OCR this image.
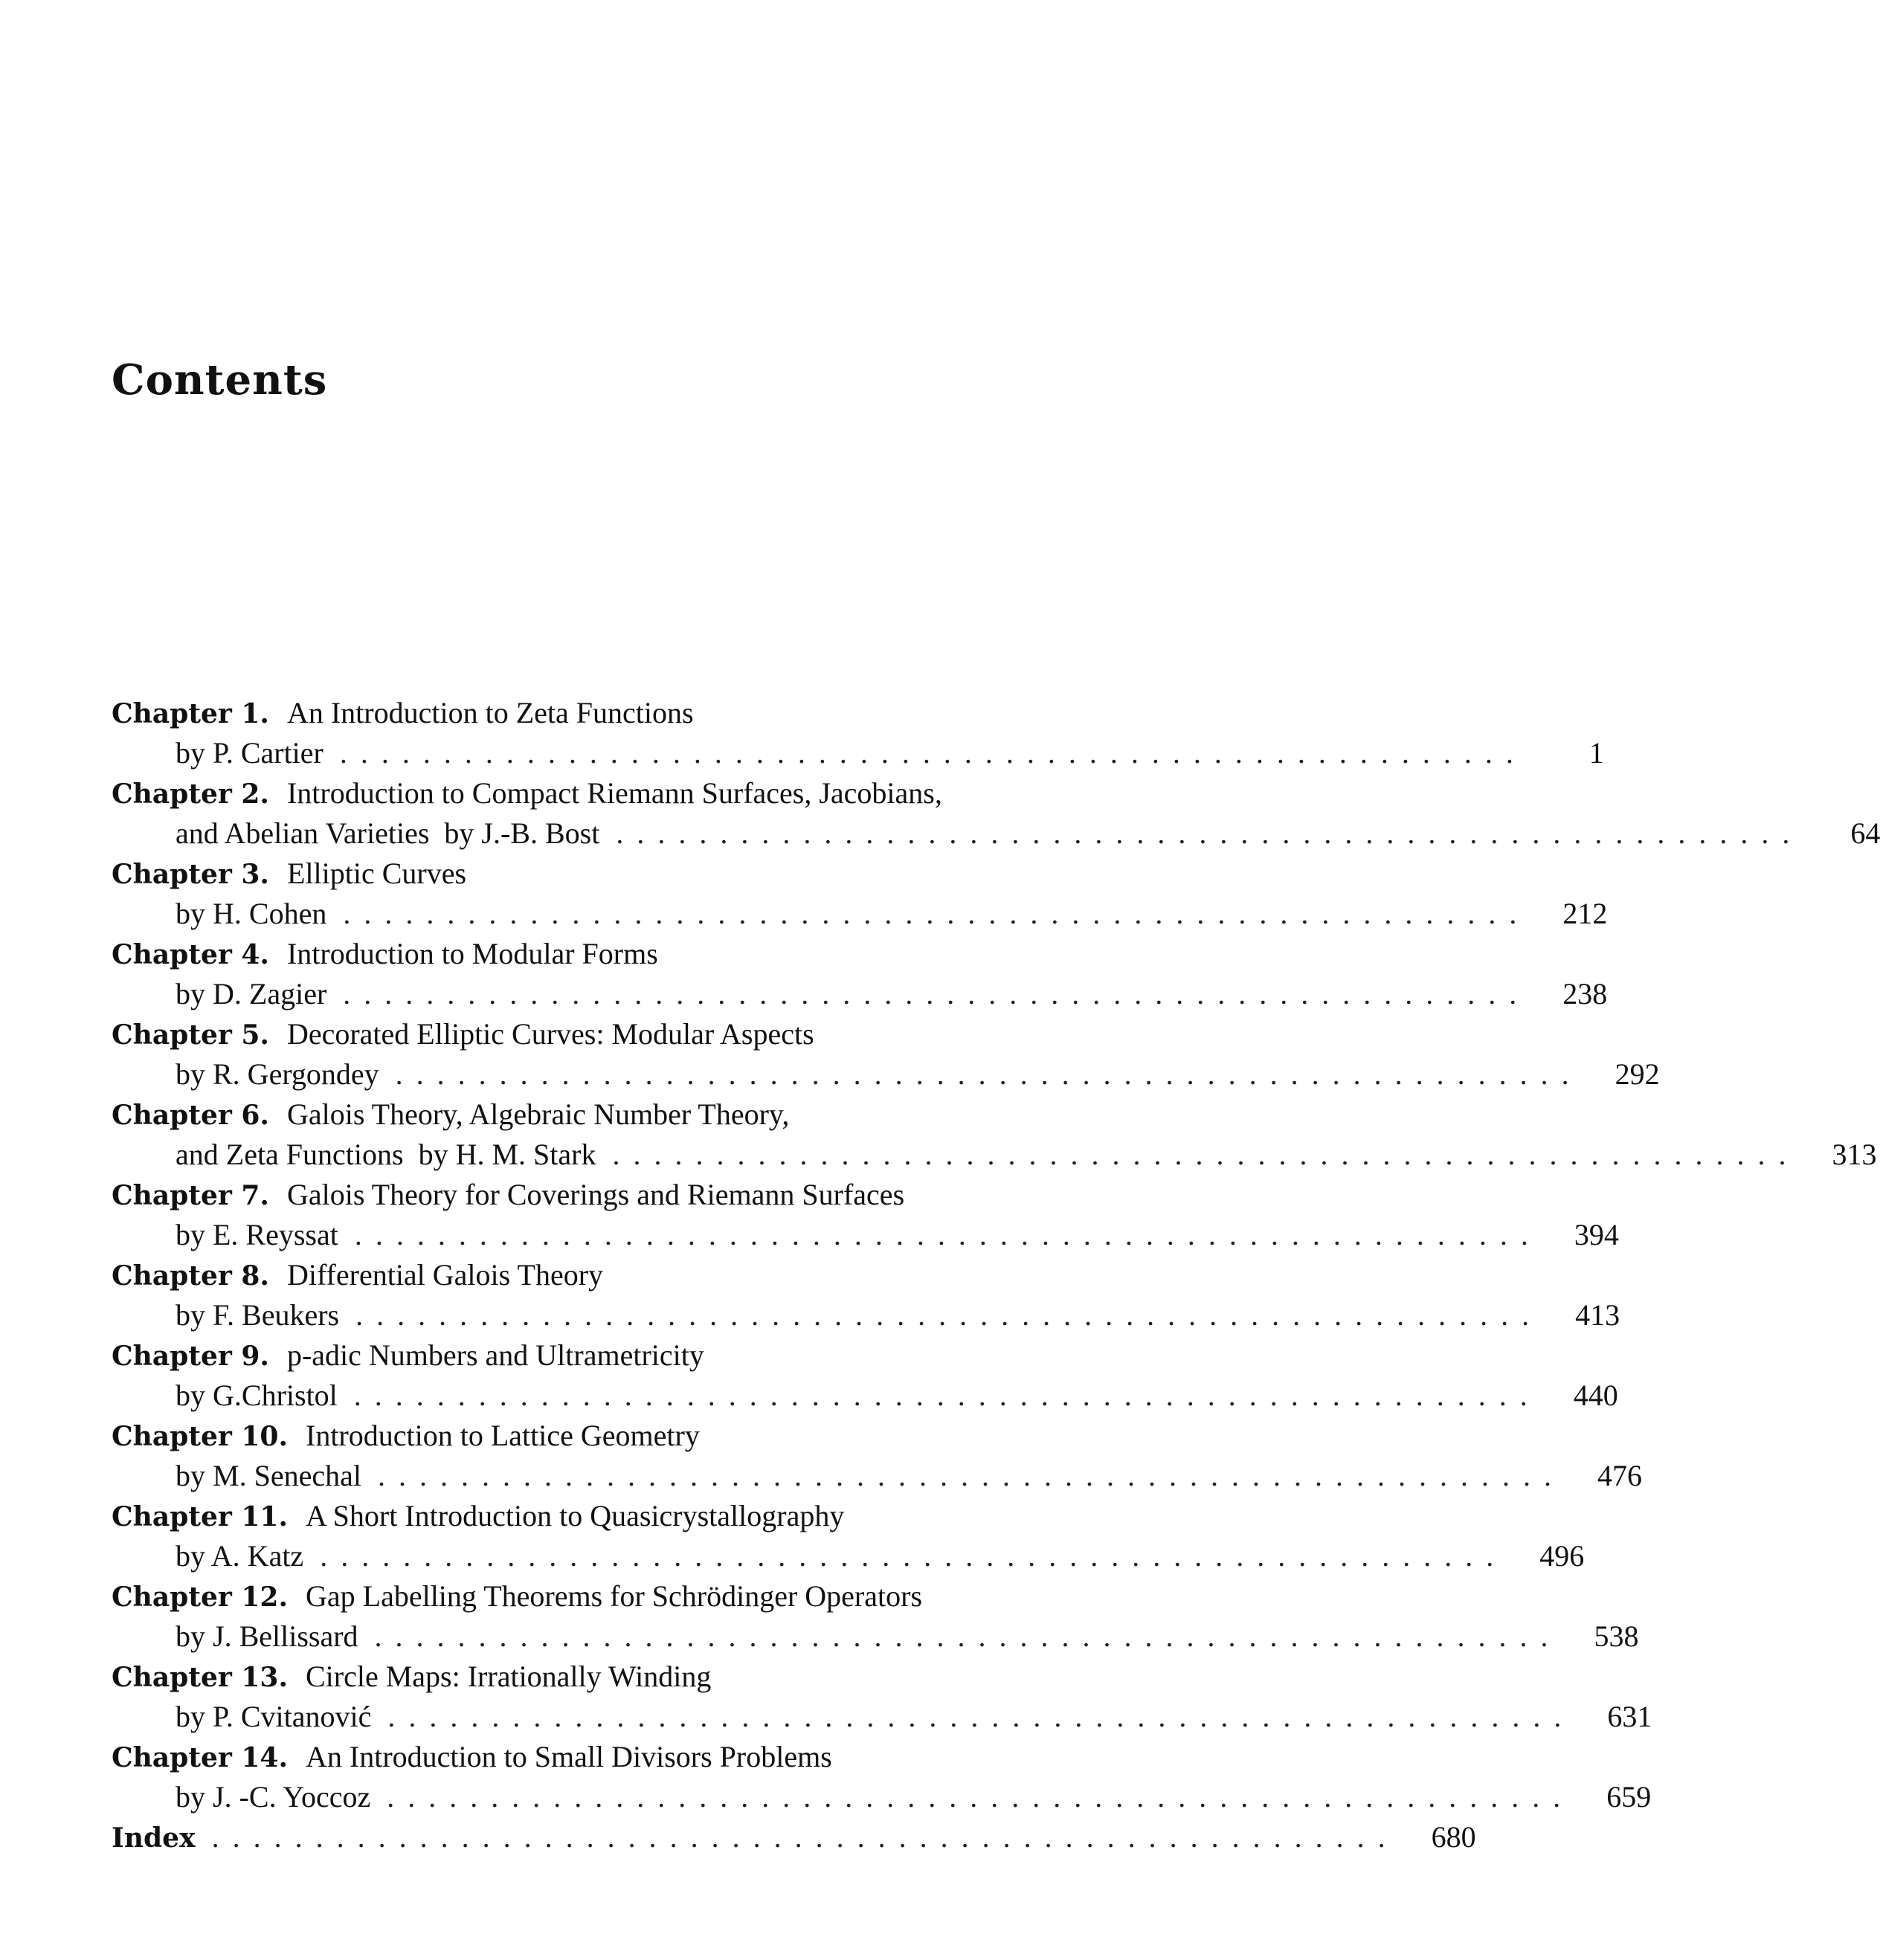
Contents
Chapter 1. An Introduction to Zeta Functions
by P. Cartier .........................................................	1
Chapter 2. Introduction to Compact Riemann Surfaces, Jacobians,
and Abelian Varieties  by J.-B. Bost .........................................................	64
Chapter 3. Elliptic Curves
by H. Cohen .........................................................	212
Chapter 4. Introduction to Modular Forms
by D. Zagier .........................................................	238
Chapter 5. Decorated Elliptic Curves: Modular Aspects
by R. Gergondey .........................................................	292
Chapter 6. Galois Theory, Algebraic Number Theory,
and Zeta Functions  by H. M. Stark .........................................................	313
Chapter 7. Galois Theory for Coverings and Riemann Surfaces
by E. Reyssat .........................................................	394
Chapter 8. Differential Galois Theory
by F. Beukers .........................................................	413
Chapter 9. p-adic Numbers and Ultrametricity
by G.Christol .........................................................	440
Chapter 10. Introduction to Lattice Geometry
by M. Senechal .........................................................	476
Chapter 11. A Short Introduction to Quasicrystallography
by A. Katz .........................................................	496
Chapter 12. Gap Labelling Theorems for Schrödinger Operators
by J. Bellissard .........................................................	538
Chapter 13. Circle Maps: Irrationally Winding
by P. Cvitanović .........................................................	631
Chapter 14. An Introduction to Small Divisors Problems
by J. -C. Yoccoz .........................................................	659
Index .........................................................	680
